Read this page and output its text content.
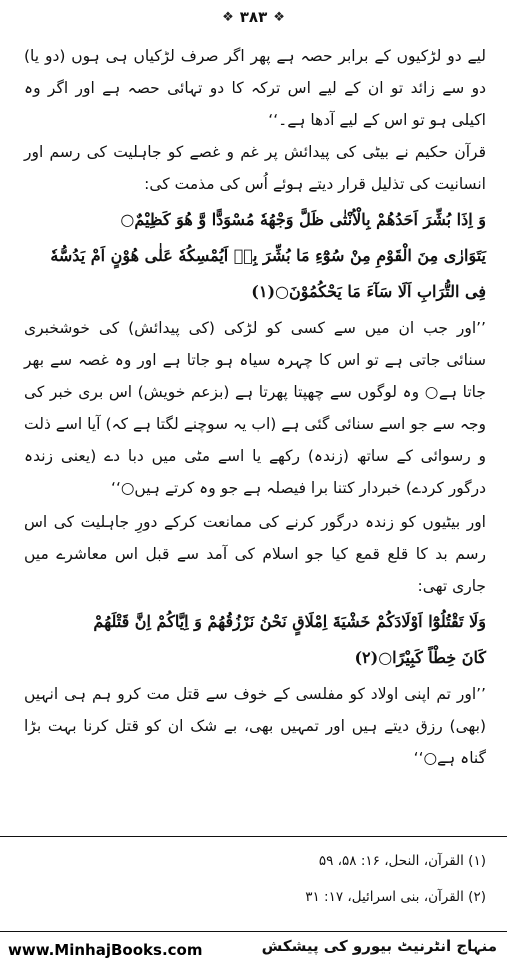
❖ ۳۸۳ ❖

لیے دو لڑکیوں کے برابر حصہ ہے پھر اگر صرف لڑکیاں ہی ہوں (دو یا) دو سے زائد تو ان کے لیے اس ترکہ کا دو تہائی حصہ ہے اور اگر وہ اکیلی ہو تو اس کے لیے آدھا ہے۔‘‘

قرآن حکیم نے بیٹی کی پیدائش پر غم و غصے کو جاہلیت کی رسم اور انسانیت کی تذلیل قرار دیتے ہوئے اُس کی مذمت کی:

وَ اِذَا بُشِّرَ اَحَدُهُمْ بِالْاُنْثٰى ظَلَّ وَجْهُهٗ مُسْوَدًّا وَّ هُوَ كَظِيْمٌ○
يَتَوَارٰى مِنَ الْقَوْمِ مِنْ سُوْٓءِ مَا بُشِّرَ بِهٖ اَيُمْسِكُهٗ عَلٰى هُوْنٍ اَمْ يَدُسُّهٗ
فِى التُّرَابِ اَلَا سَآءَ مَا يَحْكُمُوْنَ○(۱)

’’اور جب ان میں سے کسی کو لڑکی (کی پیدائش) کی خوشخبری سنائی جاتی ہے تو اس کا چہرہ سیاہ ہو جاتا ہے اور وہ غصہ سے بھر جاتا ہے○ وہ لوگوں سے چھپتا پھرتا ہے (بزعم خویش) اس بری خبر کی وجہ سے جو اسے سنائی گئی ہے (اب یہ سوچنے لگتا ہے کہ) آیا اسے ذلت و رسوائی کے ساتھ (زندہ) رکھے یا اسے مٹی میں دبا دے (یعنی زندہ درگور کردے) خبردار کتنا برا فیصلہ ہے جو وہ کرتے ہیں○‘‘

اور بیٹیوں کو زندہ درگور کرنے کی ممانعت کرکے دورِ جاہلیت کی اس رسم بد کا قلع قمع کیا جو اسلام کی آمد سے قبل اس معاشرے میں جاری تھی:

وَلَا تَقْتُلُوْٓا اَوْلَادَكُمْ خَشْيَةَ اِمْلَاقٍ نَحْنُ نَرْزُقُهُمْ وَ اِيَّاكُمْ اِنَّ قَتْلَهُمْ
كَانَ خِطْاً كَبِيْرًا○(۲)

’’اور تم اپنی اولاد کو مفلسی کے خوف سے قتل مت کرو ہم ہی انہیں (بھی) رزق دیتے ہیں اور تمہیں بھی، بے شک ان کو قتل کرنا بہت بڑا گناہ ہے○‘‘

(۱) القرآن، النحل، ۱۶: ۵۸، ۵۹
(۲) القرآن، بنی اسرائیل، ۱۷: ۳۱
www.MinhajBooks.com	منہاج انٹرنیٹ بیورو کی پیشکش
